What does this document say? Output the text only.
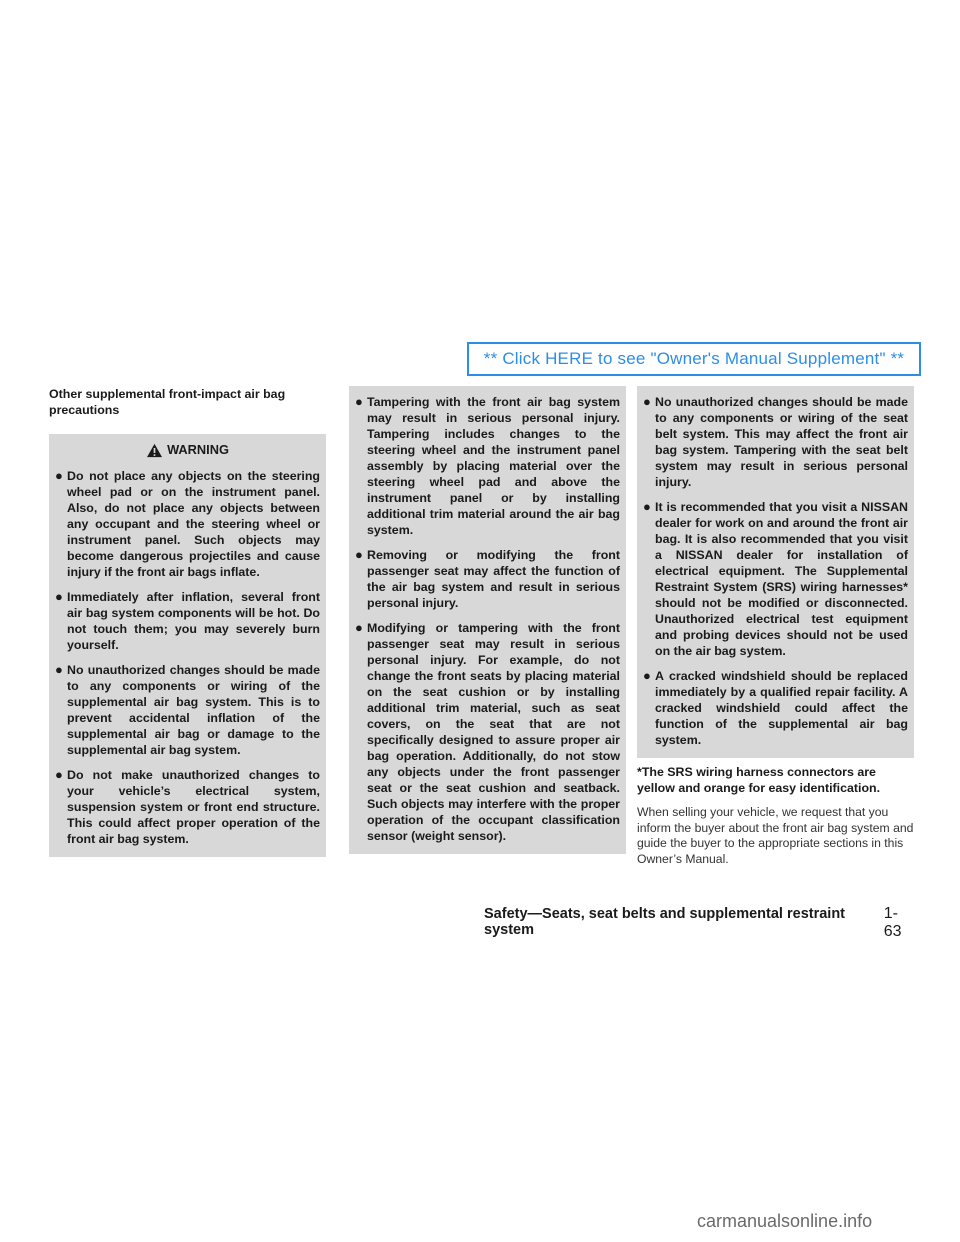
** Click HERE to see "Owner's Manual Supplement" **
Other supplemental front-impact air bag precautions
WARNING
● Do not place any objects on the steering wheel pad or on the instrument panel. Also, do not place any objects between any occupant and the steering wheel or instrument panel. Such objects may become dangerous projectiles and cause injury if the front air bags inflate.
● Immediately after inflation, several front air bag system components will be hot. Do not touch them; you may severely burn yourself.
● No unauthorized changes should be made to any components or wiring of the supplemental air bag system. This is to prevent accidental inflation of the supplemental air bag or damage to the supplemental air bag system.
● Do not make unauthorized changes to your vehicle’s electrical system, suspension system or front end structure. This could affect proper operation of the front air bag system.
● Tampering with the front air bag system may result in serious personal injury. Tampering includes changes to the steering wheel and the instrument panel assembly by placing material over the steering wheel pad and above the instrument panel or by installing additional trim material around the air bag system.
● Removing or modifying the front passenger seat may affect the function of the air bag system and result in serious personal injury.
● Modifying or tampering with the front passenger seat may result in serious personal injury. For example, do not change the front seats by placing material on the seat cushion or by installing additional trim material, such as seat covers, on the seat that are not specifically designed to assure proper air bag operation. Additionally, do not stow any objects under the front passenger seat or the seat cushion and seatback. Such objects may interfere with the proper operation of the occupant classification sensor (weight sensor).
● No unauthorized changes should be made to any components or wiring of the seat belt system. This may affect the front air bag system. Tampering with the seat belt system may result in serious personal injury.
● It is recommended that you visit a NISSAN dealer for work on and around the front air bag. It is also recommended that you visit a NISSAN dealer for installation of electrical equipment. The Supplemental Restraint System (SRS) wiring harnesses* should not be modified or disconnected. Unauthorized electrical test equipment and probing devices should not be used on the air bag system.
● A cracked windshield should be replaced immediately by a qualified repair facility. A cracked windshield could affect the function of the supplemental air bag system.
*The SRS wiring harness connectors are yellow and orange for easy identification.
When selling your vehicle, we request that you inform the buyer about the front air bag system and guide the buyer to the appropriate sections in this Owner’s Manual.
Safety—Seats, seat belts and supplemental restraint system
1-63
carmanualsonline.info
